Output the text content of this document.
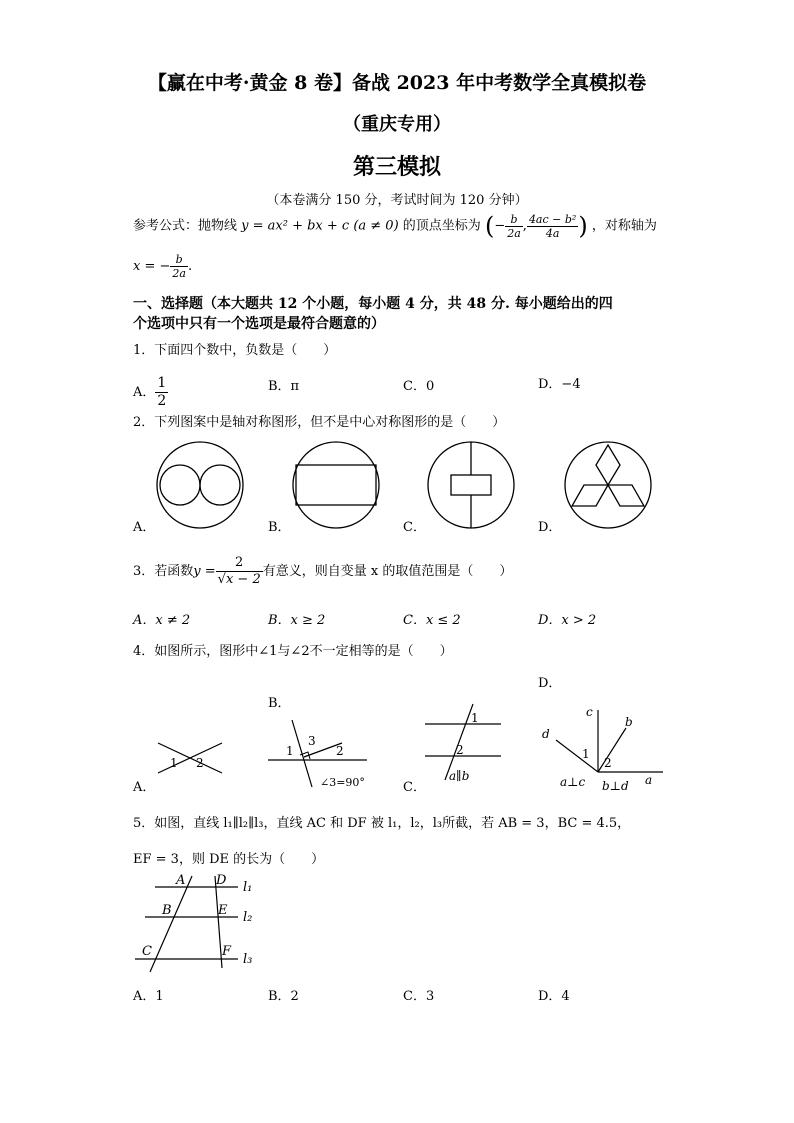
【赢在中考·黄金 8 卷】备战 2023 年中考数学全真模拟卷
（重庆专用）
第三模拟
（本卷满分 150 分，考试时间为 120 分钟）
参考公式：抛物线 y = ax² + bx + c (a ≠ 0) 的顶点坐标为 (− $\frac{b}{2a}$ , $\frac{\text{4ac − b²}}{4a}$ ) ，对称轴为
x = − $\frac{b}{2a}$ .
一、选择题（本大题共 12 个小题，每小题 4 分，共 48 分. 每小题给出的四
个选项中只有一个选项是最符合题意的）
1．下面四个数中，负数是（　　）
A． $\frac{1}{2}$	B．π	C．0	D．−4
2．下列图案中是轴对称图形，但不是中心对称图形的是（　　）
A．	B．	C．	D．
3．若函数$y = \frac{2}{√x - 2}$ 有意义，则自变量 x 的取值范围是（　　）
A．x ≠ 2	B．x ≥ 2	C．x ≤ 2	D．x > 2
4．如图所示，图形中∠1与∠2不一定相等的是（　　）
B．
D．
A．	C．
1 2
1
3
2
∠3=90°
1
2
a∥b
c
b
d
a
1
2
a⊥c b⊥d
5．如图，直线 l₁∥l₂∥l₃，直线 AC 和 DF 被 l₁，l₂，l₃所截，若 AB = 3，BC = 4.5，
EF = 3，则 DE 的长为（　　）
A D
B	E
C	F
l₁
l₂
l₃
A．1	B．2	C．3	D．4
